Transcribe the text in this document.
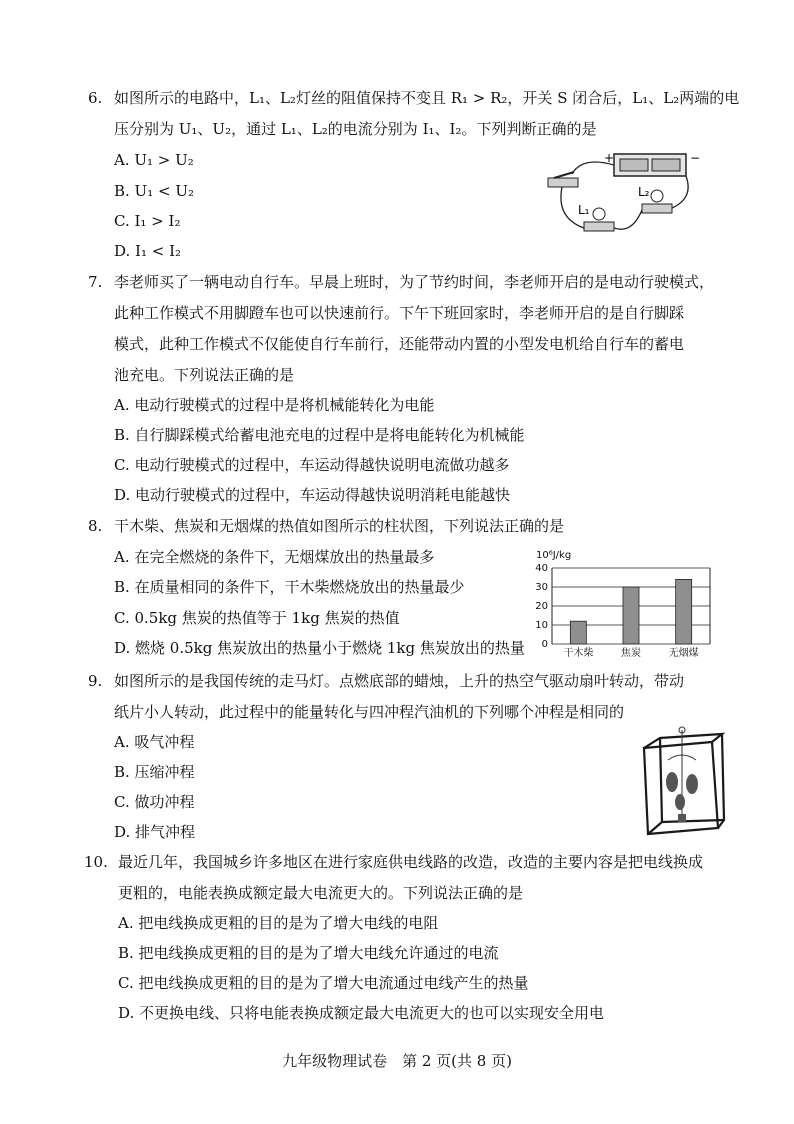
6. 如图所示的电路中，L₁、L₂灯丝的阻值保持不变且 R₁ > R₂，开关 S 闭合后，L₁、L₂两端的电
压分别为 U₁、U₂，通过 L₁、L₂的电流分别为 I₁、I₂。下列判断正确的是
A. U₁ > U₂
B. U₁ < U₂
C. I₁ > I₂
D. I₁ < I₂
+	−
L₁
L₂
7. 李老师买了一辆电动自行车。早晨上班时，为了节约时间，李老师开启的是电动行驶模式，
此种工作模式不用脚蹬车也可以快速前行。下午下班回家时，李老师开启的是自行脚踩
模式，此种工作模式不仅能使自行车前行，还能带动内置的小型发电机给自行车的蓄电
池充电。下列说法正确的是
A. 电动行驶模式的过程中是将机械能转化为电能
B. 自行脚踩模式给蓄电池充电的过程中是将电能转化为机械能
C. 电动行驶模式的过程中，车运动得越快说明电流做功越多
D. 电动行驶模式的过程中，车运动得越快说明消耗电能越快
8. 干木柴、焦炭和无烟煤的热值如图所示的柱状图，下列说法正确的是
A. 在完全燃烧的条件下，无烟煤放出的热量最多
B. 在质量相同的条件下，干木柴燃烧放出的热量最少
C. 0.5kg 焦炭的热值等于 1kg 焦炭的热值
D. 燃烧 0.5kg 焦炭放出的热量小于燃烧 1kg 焦炭放出的热量
10⁶J/kg
0
10
20
30
40
干木柴	焦炭	无烟煤
9. 如图所示的是我国传统的走马灯。点燃底部的蜡烛，上升的热空气驱动扇叶转动，带动
纸片小人转动，此过程中的能量转化与四冲程汽油机的下列哪个冲程是相同的
A. 吸气冲程
B. 压缩冲程
C. 做功冲程
D. 排气冲程
10. 最近几年，我国城乡许多地区在进行家庭供电线路的改造，改造的主要内容是把电线换成
更粗的，电能表换成额定最大电流更大的。下列说法正确的是
A. 把电线换成更粗的目的是为了增大电线的电阻
B. 把电线换成更粗的目的是为了增大电线允许通过的电流
C. 把电线换成更粗的目的是为了增大电流通过电线产生的热量
D. 不更换电线、只将电能表换成额定最大电流更大的也可以实现安全用电
九年级物理试卷　第 2 页(共 8 页)
